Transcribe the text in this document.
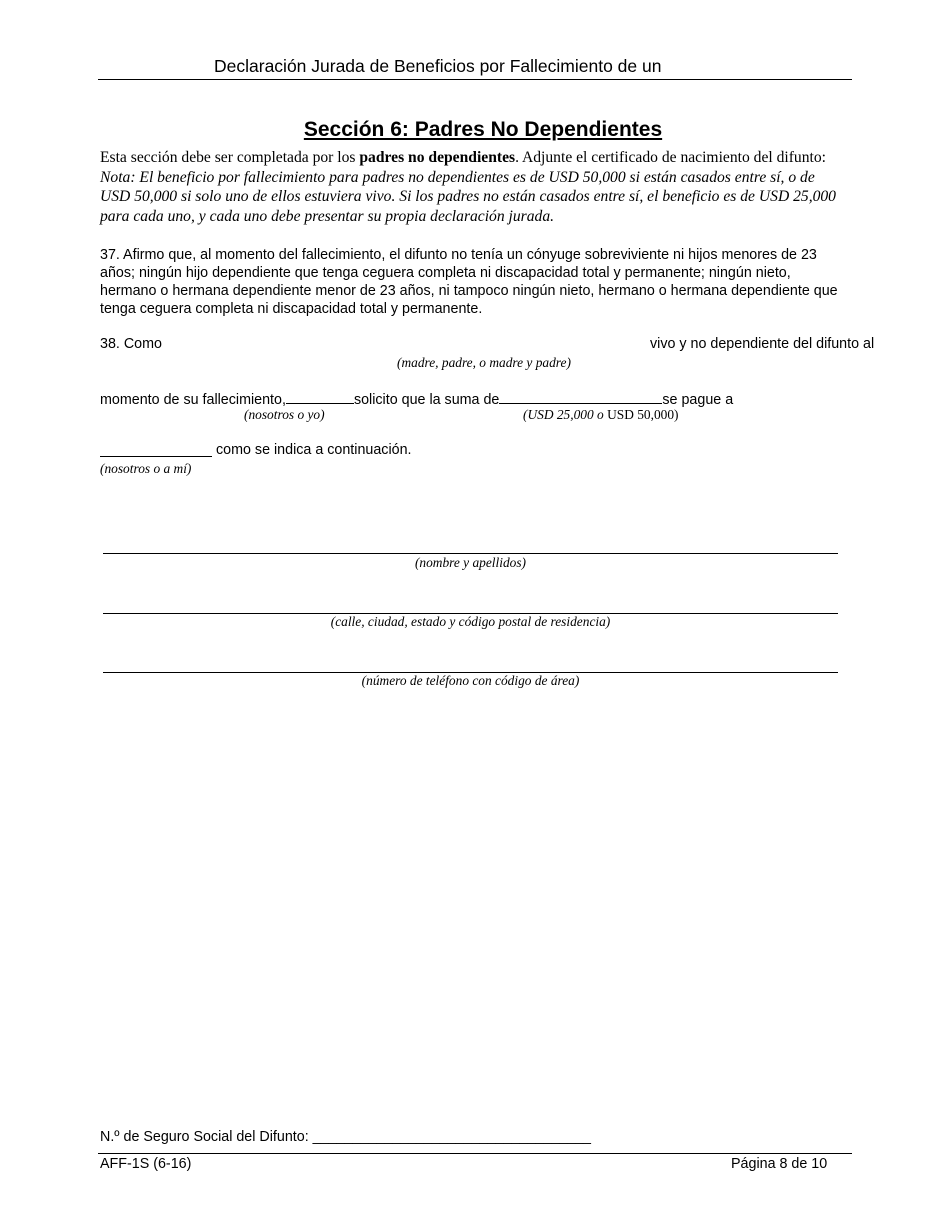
Declaración Jurada de Beneficios por Fallecimiento de un
Sección 6: Padres No Dependientes
Esta sección debe ser completada por los padres no dependientes. Adjunte el certificado de nacimiento del difunto: Nota: El beneficio por fallecimiento para padres no dependientes es de USD 50,000 si están casados entre sí, o de USD 50,000 si solo uno de ellos estuviera vivo. Si los padres no están casados entre sí, el beneficio es de USD 25,000 para cada uno, y cada uno debe presentar su propia declaración jurada.
37. Afirmo que, al momento del fallecimiento, el difunto no tenía un cónyuge sobreviviente ni hijos menores de 23 años; ningún hijo dependiente que tenga ceguera completa ni discapacidad total y permanente; ningún nieto, hermano o hermana dependiente menor de 23 años, ni tampoco ningún nieto, hermano o hermana dependiente que tenga ceguera completa ni discapacidad total y permanente.
38. Como	vivo y no dependiente del difunto al
(madre, padre, o madre y padre)
momento de su fallecimiento,	solicito que la suma de	se pague a
(nosotros o yo)	(USD 25,000 o USD 50,000)
como se indica a continuación.
(nosotros o a mí)
(nombre y apellidos)
(calle, ciudad, estado y código postal de residencia)
(número de teléfono con código de área)
N.º de Seguro Social del Difunto: ___________________________________
AFF-1S (6-16)	Página 8 de 10
